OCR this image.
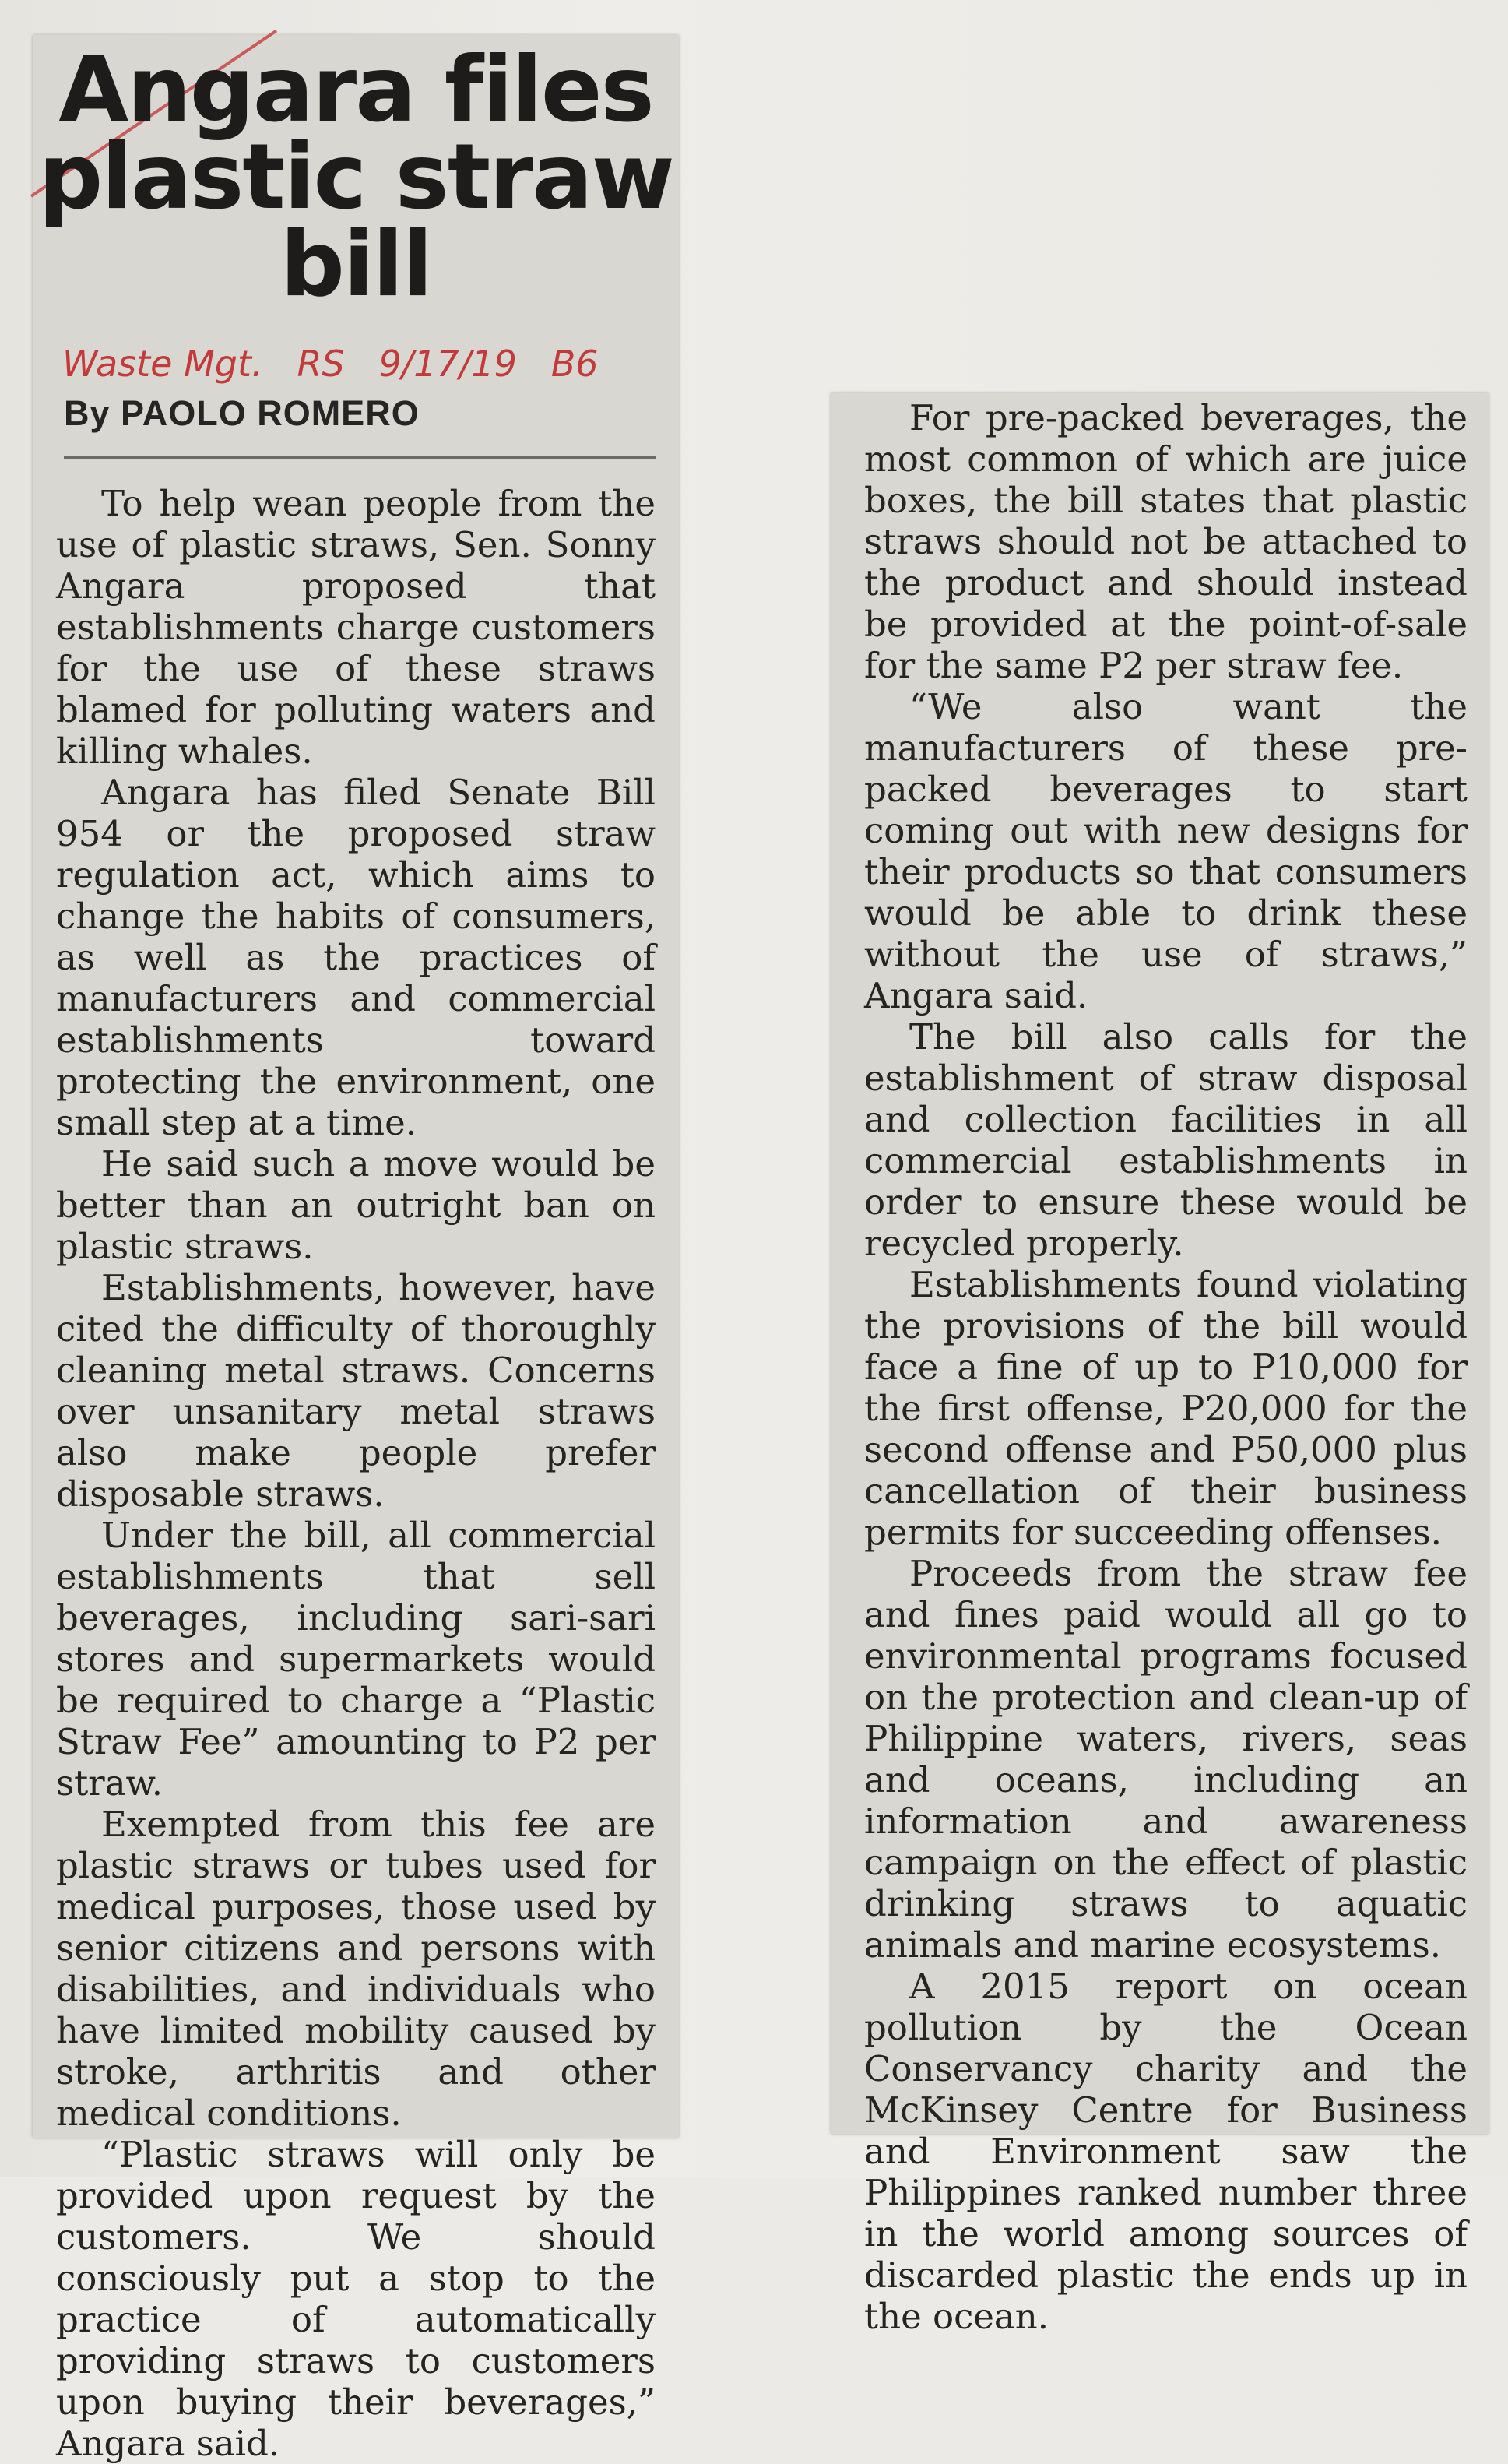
Angara files plastic straw bill
Waste Mgt.   RS   9/17/19   B6
By PAOLO ROMERO

To help wean people from the use of plastic straws, Sen. Sonny Angara proposed that establishments charge customers for the use of these straws blamed for polluting waters and killing whales.

Angara has filed Senate Bill 954 or the proposed straw regulation act, which aims to change the habits of consumers, as well as the practices of manufacturers and commercial establishments toward protecting the environment, one small step at a time.

He said such a move would be better than an outright ban on plastic straws.

Establishments, however, have cited the difficulty of thoroughly cleaning metal straws. Concerns over unsanitary metal straws also make people prefer disposable straws.

Under the bill, all commercial establishments that sell beverages, including sari-sari stores and supermarkets would be required to charge a “Plastic Straw Fee” amounting to P2 per straw.

Exempted from this fee are plastic straws or tubes used for medical purposes, those used by senior citizens and persons with disabilities, and individuals who have limited mobility caused by stroke, arthritis and other medical conditions.

“Plastic straws will only be provided upon request by the customers. We should consciously put a stop to the practice of automatically providing straws to customers upon buying their beverages,” Angara said.

For pre-packed beverages, the most common of which are juice boxes, the bill states that plastic straws should not be attached to the product and should instead be provided at the point-of-sale for the same P2 per straw fee.

“We also want the manufacturers of these pre-packed beverages to start coming out with new designs for their products so that consumers would be able to drink these without the use of straws,” Angara said.

The bill also calls for the establishment of straw disposal and collection facilities in all commercial establishments in order to ensure these would be recycled properly.

Establishments found violating the provisions of the bill would face a fine of up to P10,000 for the first offense, P20,000 for the second offense and P50,000 plus cancellation of their business permits for succeeding offenses.

Proceeds from the straw fee and fines paid would all go to environmental programs focused on the protection and clean-up of Philippine waters, rivers, seas and oceans, including an information and awareness campaign on the effect of plastic drinking straws to aquatic animals and marine ecosystems.

A 2015 report on ocean pollution by the Ocean Conservancy charity and the McKinsey Centre for Business and Environment saw the Philippines ranked number three in the world among sources of discarded plastic the ends up in the ocean.
